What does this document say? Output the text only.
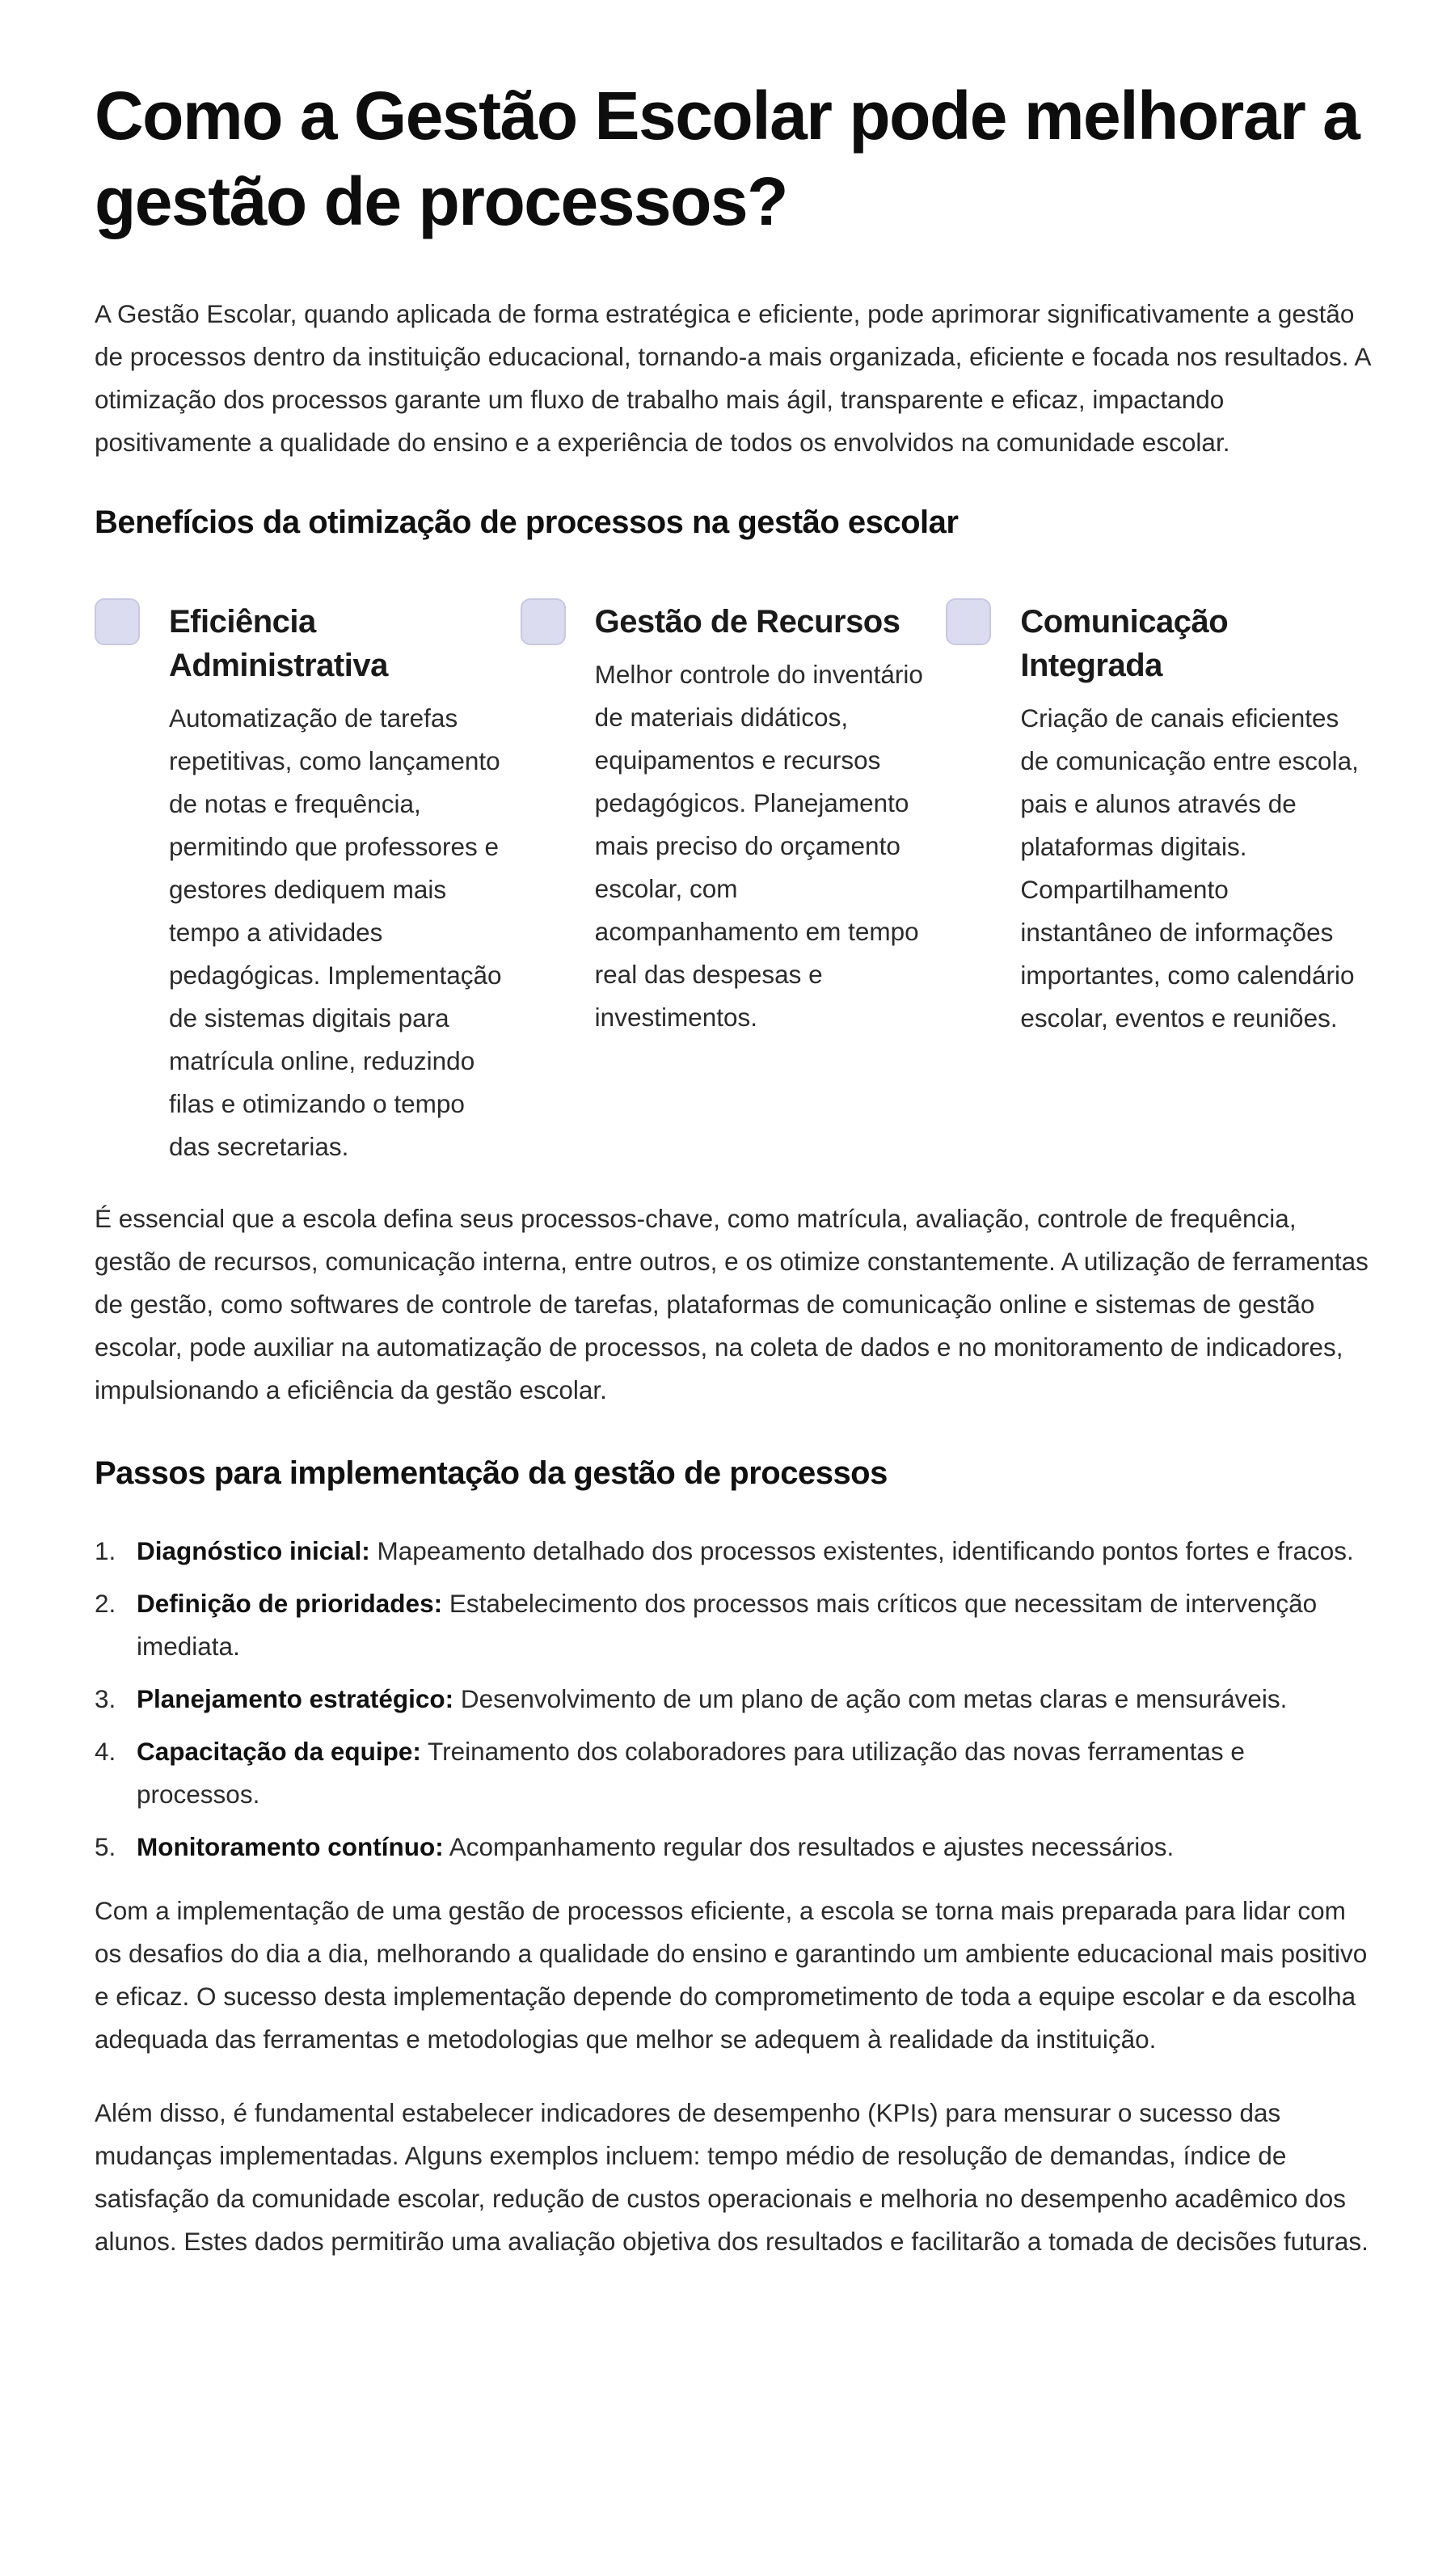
Como a Gestão Escolar pode melhorar a gestão de processos?

A Gestão Escolar, quando aplicada de forma estratégica e eficiente, pode aprimorar significativamente a gestão de processos dentro da instituição educacional, tornando-a mais organizada, eficiente e focada nos resultados. A otimização dos processos garante um fluxo de trabalho mais ágil, transparente e eficaz, impactando positivamente a qualidade do ensino e a experiência de todos os envolvidos na comunidade escolar.

Benefícios da otimização de processos na gestão escolar
Eficiência Administrativa

Automatização de tarefas repetitivas, como lançamento de notas e frequência, permitindo que professores e gestores dediquem mais tempo a atividades pedagógicas. Implementação de sistemas digitais para matrícula online, reduzindo filas e otimizando o tempo das secretarias.

Gestão de Recursos

Melhor controle do inventário de materiais didáticos, equipamentos e recursos pedagógicos. Planejamento mais preciso do orçamento escolar, com acompanhamento em tempo real das despesas e investimentos.

Comunicação Integrada

Criação de canais eficientes de comunicação entre escola, pais e alunos através de plataformas digitais. Compartilhamento instantâneo de informações importantes, como calendário escolar, eventos e reuniões.

É essencial que a escola defina seus processos-chave, como matrícula, avaliação, controle de frequência, gestão de recursos, comunicação interna, entre outros, e os otimize constantemente. A utilização de ferramentas de gestão, como softwares de controle de tarefas, plataformas de comunicação online e sistemas de gestão escolar, pode auxiliar na automatização de processos, na coleta de dados e no monitoramento de indicadores, impulsionando a eficiência da gestão escolar.

Passos para implementação da gestão de processos
1. Diagnóstico inicial: Mapeamento detalhado dos processos existentes, identificando pontos fortes e fracos.
2. Definição de prioridades: Estabelecimento dos processos mais críticos que necessitam de intervenção imediata.
3. Planejamento estratégico: Desenvolvimento de um plano de ação com metas claras e mensuráveis.
4. Capacitação da equipe: Treinamento dos colaboradores para utilização das novas ferramentas e processos.
5. Monitoramento contínuo: Acompanhamento regular dos resultados e ajustes necessários.

Com a implementação de uma gestão de processos eficiente, a escola se torna mais preparada para lidar com os desafios do dia a dia, melhorando a qualidade do ensino e garantindo um ambiente educacional mais positivo e eficaz. O sucesso desta implementação depende do comprometimento de toda a equipe escolar e da escolha adequada das ferramentas e metodologias que melhor se adequem à realidade da instituição.

Além disso, é fundamental estabelecer indicadores de desempenho (KPIs) para mensurar o sucesso das mudanças implementadas. Alguns exemplos incluem: tempo médio de resolução de demandas, índice de satisfação da comunidade escolar, redução de custos operacionais e melhoria no desempenho acadêmico dos alunos. Estes dados permitirão uma avaliação objetiva dos resultados e facilitarão a tomada de decisões futuras.
